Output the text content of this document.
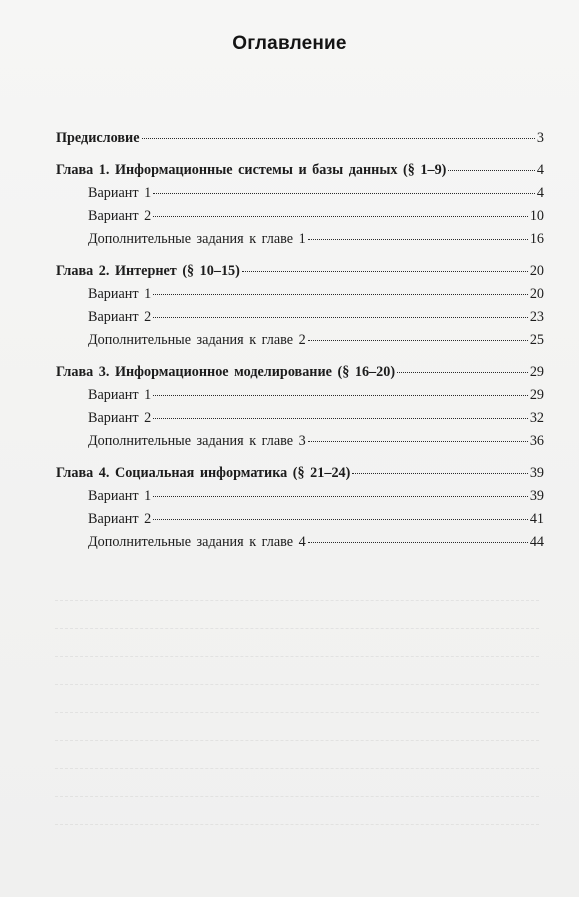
Оглавление
Предисловие	3
Глава 1. Информационные системы и базы данных (§ 1–9)	4
Вариант 1	4
Вариант 2	10
Дополнительные задания к главе 1	16
Глава 2. Интернет (§ 10–15)	20
Вариант 1	20
Вариант 2	23
Дополнительные задания к главе 2	25
Глава 3. Информационное моделирование (§ 16–20)	29
Вариант 1	29
Вариант 2	32
Дополнительные задания к главе 3	36
Глава 4. Социальная информатика (§ 21–24)	39
Вариант 1	39
Вариант 2	41
Дополнительные задания к главе 4	44
